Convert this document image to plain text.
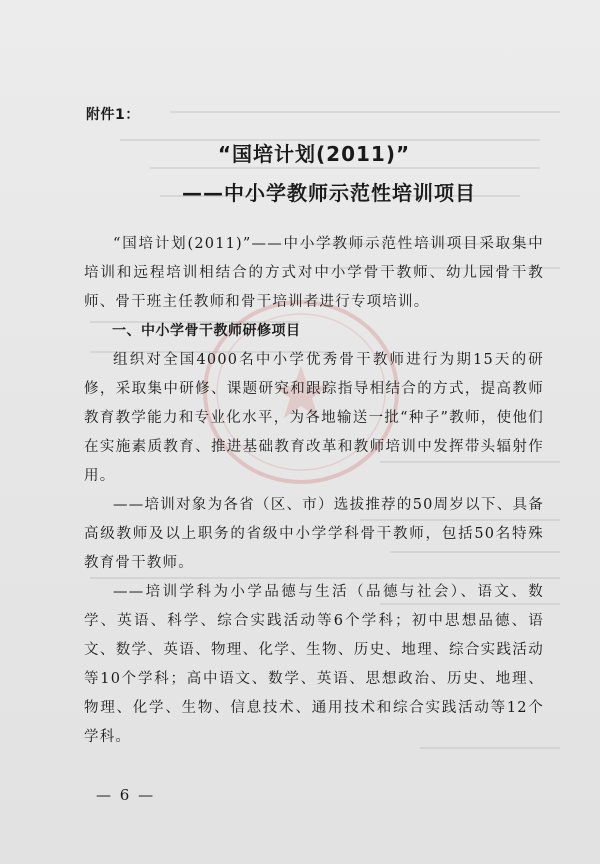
附件1：
“国培计划(2011)”
——中小学教师示范性培训项目

“国培计划(2011)”——中小学教师示范性培训项目采取集中培训和远程培训相结合的方式对中小学骨干教师、幼儿园骨干教师、骨干班主任教师和骨干培训者进行专项培训。

一、中小学骨干教师研修项目

组织对全国4000名中小学优秀骨干教师进行为期15天的研修，采取集中研修、课题研究和跟踪指导相结合的方式，提高教师教育教学能力和专业化水平，为各地输送一批“种子”教师，使他们在实施素质教育、推进基础教育改革和教师培训中发挥带头辐射作用。

——培训对象为各省（区、市）选拔推荐的50周岁以下、具备高级教师及以上职务的省级中小学学科骨干教师，包括50名特殊教育骨干教师。

——培训学科为小学品德与生活（品德与社会）、语文、数学、英语、科学、综合实践活动等6个学科；初中思想品德、语文、数学、英语、物理、化学、生物、历史、地理、综合实践活动等10个学科；高中语文、数学、英语、思想政治、历史、地理、物理、化学、生物、信息技术、通用技术和综合实践活动等12个学科。

— 6 —
